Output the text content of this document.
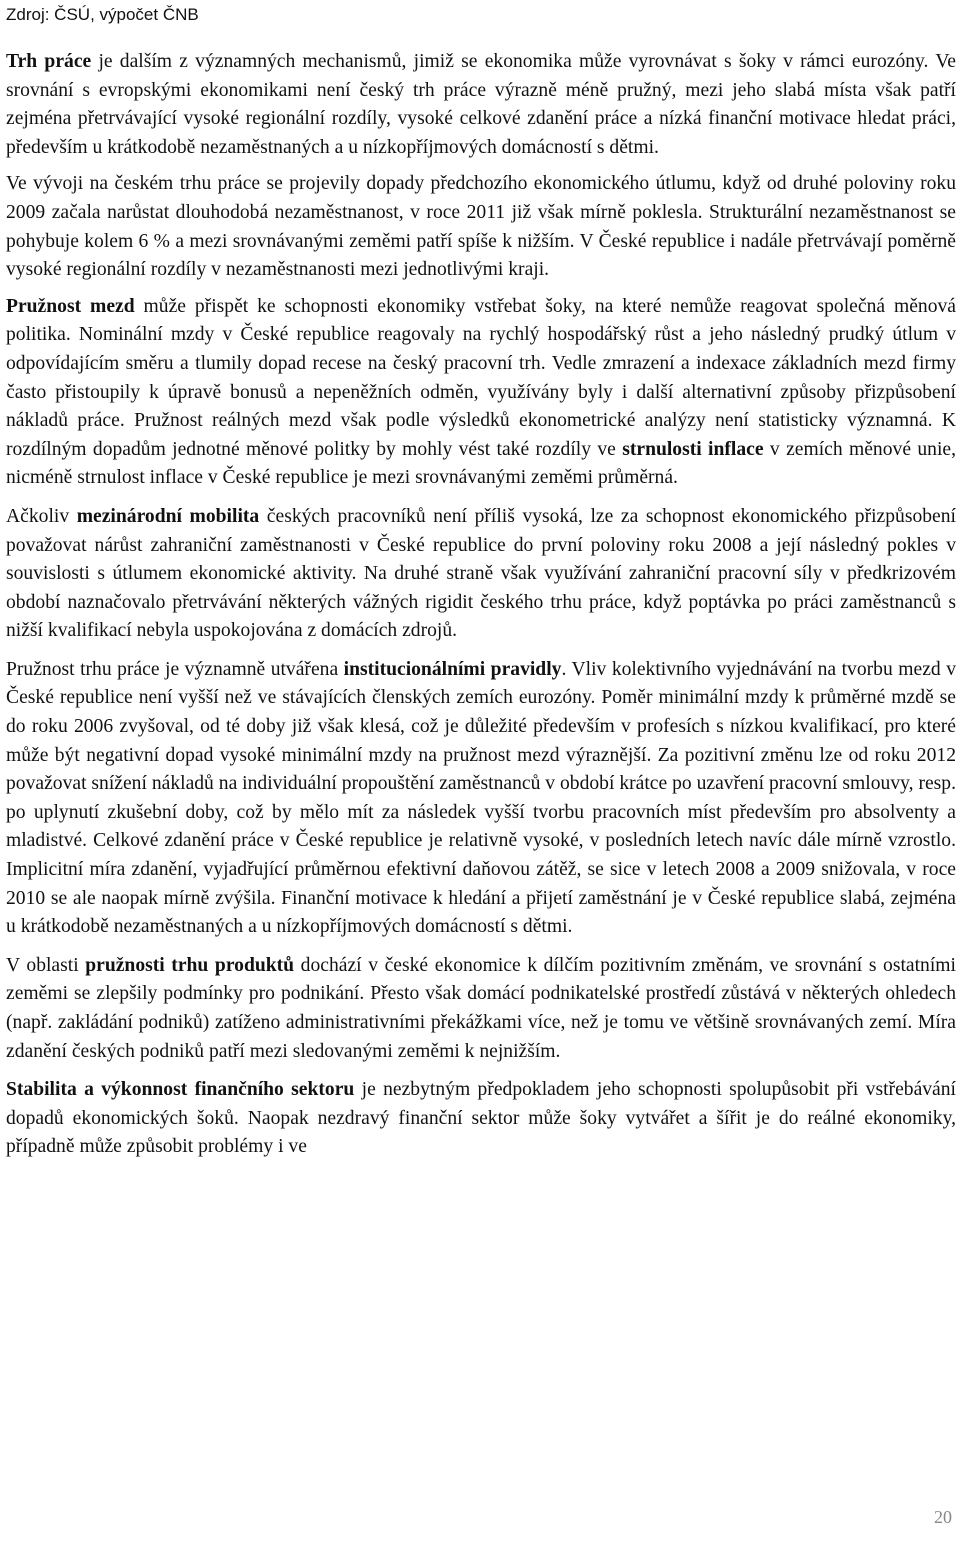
Zdroj: ČSÚ, výpočet ČNB

Trh práce je dalším z významných mechanismů, jimiž se ekonomika může vyrovnávat s šoky v rámci eurozóny. Ve srovnání s evropskými ekonomikami není český trh práce výrazně méně pružný, mezi jeho slabá místa však patří zejména přetrvávající vysoké regionální rozdíly, vysoké celkové zdanění práce a nízká finanční motivace hledat práci, především u krátkodobě nezaměstnaných a u nízkopříjmových domácností s dětmi.

Ve vývoji na českém trhu práce se projevily dopady předchozího ekonomického útlumu, když od druhé poloviny roku 2009 začala narůstat dlouhodobá nezaměstnanost, v roce 2011 již však mírně poklesla. Strukturální nezaměstnanost se pohybuje kolem 6 % a mezi srovnávanými zeměmi patří spíše k nižším. V České republice i nadále přetrvávají poměrně vysoké regionální rozdíly v nezaměstnanosti mezi jednotlivými kraji.

Pružnost mezd může přispět ke schopnosti ekonomiky vstřebat šoky, na které nemůže reagovat společná měnová politika. Nominální mzdy v České republice reagovaly na rychlý hospodářský růst a jeho následný prudký útlum v odpovídajícím směru a tlumily dopad recese na český pracovní trh. Vedle zmrazení a indexace základních mezd firmy často přistoupily k úpravě bonusů a nepeněžních odměn, využívány byly i další alternativní způsoby přizpůsobení nákladů práce. Pružnost reálných mezd však podle výsledků ekonometrické analýzy není statisticky významná. K rozdílným dopadům jednotné měnové politky by mohly vést také rozdíly ve strnulosti inflace v zemích měnové unie, nicméně strnulost inflace v České republice je mezi srovnávanými zeměmi průměrná.

Ačkoliv mezinárodní mobilita českých pracovníků není příliš vysoká, lze za schopnost ekonomického přizpůsobení považovat nárůst zahraniční zaměstnanosti v České republice do první poloviny roku 2008 a její následný pokles v souvislosti s útlumem ekonomické aktivity. Na druhé straně však využívání zahraniční pracovní síly v předkrizovém období naznačovalo přetrvávání některých vážných rigidit českého trhu práce, když poptávka po práci zaměstnanců s nižší kvalifikací nebyla uspokojována z domácích zdrojů.

Pružnost trhu práce je významně utvářena institucionálními pravidly. Vliv kolektivního vyjednávání na tvorbu mezd v České republice není vyšší než ve stávajících členských zemích eurozóny. Poměr minimální mzdy k průměrné mzdě se do roku 2006 zvyšoval, od té doby již však klesá, což je důležité především v profesích s nízkou kvalifikací, pro které může být negativní dopad vysoké minimální mzdy na pružnost mezd výraznější. Za pozitivní změnu lze od roku 2012 považovat snížení nákladů na individuální propouštění zaměstnanců v období krátce po uzavření pracovní smlouvy, resp. po uplynutí zkušební doby, což by mělo mít za následek vyšší tvorbu pracovních míst především pro absolventy a mladistvé. Celkové zdanění práce v České republice je relativně vysoké, v posledních letech navíc dále mírně vzrostlo. Implicitní míra zdanění, vyjadřující průměrnou efektivní daňovou zátěž, se sice v letech 2008 a 2009 snižovala, v roce 2010 se ale naopak mírně zvýšila. Finanční motivace k hledání a přijetí zaměstnání je v České republice slabá, zejména u krátkodobě nezaměstnaných a u nízkopříjmových domácností s dětmi.

V oblasti pružnosti trhu produktů dochází v české ekonomice k dílčím pozitivním změnám, ve srovnání s ostatními zeměmi se zlepšily podmínky pro podnikání. Přesto však domácí podnikatelské prostředí zůstává v některých ohledech (např. zakládání podniků) zatíženo administrativními překážkami více, než je tomu ve většině srovnávaných zemí. Míra zdanění českých podniků patří mezi sledovanými zeměmi k nejnižším.

Stabilita a výkonnost finančního sektoru je nezbytným předpokladem jeho schopnosti spolupůsobit při vstřebávání dopadů ekonomických šoků. Naopak nezdravý finanční sektor může šoky vytvářet a šířit je do reálné ekonomiky, případně může způsobit problémy i ve

20
